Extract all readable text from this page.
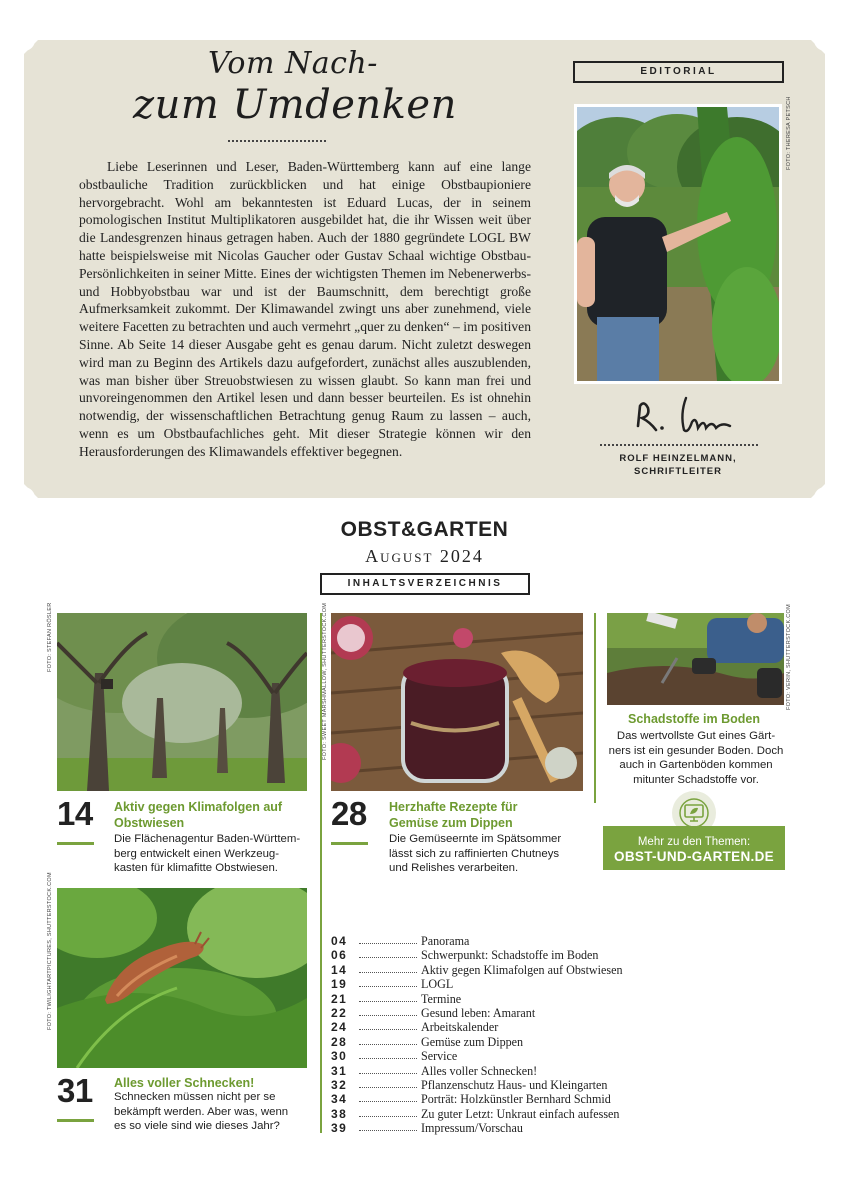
Vom Nach-
zum Umdenken
Liebe Leserinnen und Leser, Baden-Württemberg kann auf eine lange obstbauliche Tradition zurückblicken und hat einige Obstbaupioniere hervorgebracht. Wohl am bekanntesten ist Eduard Lucas, der in seinem pomologischen Institut Multiplikatoren ausgebildet hat, die ihr Wissen weit über die Landesgrenzen hinaus getragen haben. Auch der 1880 gegründete LOGL BW hatte beispielsweise mit Nicolas Gaucher oder Gustav Schaal wichtige Obstbau-Persönlichkeiten in seiner Mitte. Eines der wichtigsten Themen im Nebenerwerbs- und Hobbyobstbau war und ist der Baumschnitt, dem berechtigt große Aufmerksamkeit zukommt. Der Klimawandel zwingt uns aber zunehmend, viele weitere Facetten zu betrachten und auch vermehrt „quer zu denken“ – im positiven Sinne. Ab Seite 14 dieser Ausgabe geht es genau darum. Nicht zuletzt deswegen wird man zu Beginn des Artikels dazu aufgefordert, zunächst alles auszublenden, was man bisher über Streuobstwiesen zu wissen glaubt. So kann man frei und unvoreingenommen den Artikel lesen und dann besser beurteilen. Es ist ohnehin notwendig, der wissenschaftlichen Betrachtung genug Raum zu lassen – auch, wenn es um Obstbaufachliches geht. Mit dieser Strategie können wir den Herausforderungen des Klimawandels effektiver begegnen.
EDITORIAL
FOTO: THERESA PETSCH
ROLF HEINZELMANN,
SCHRIFTLEITER
OBST&GARTEN
August 2024
INHALTSVERZEICHNIS
FOTO: STEFAN RÖSLER
14 Aktiv gegen Klimafolgen auf
Obstwiesen
Die Flächenagentur Baden-Württem-
berg entwickelt einen Werkzeug-
kasten für klimafitte Obstwiesen.
FOTO: SWEET MARSHMALLOW, SHUTTERSTOCK.COM
28 Herzhafte Rezepte für
Gemüse zum Dippen
Die Gemüseernte im Spätsommer
lässt sich zu raffinierten Chutneys
und Relishes verarbeiten.
FOTO: VERIN, SHUTTERSTOCK.COM
Schadstoffe im Boden
Das wertvollste Gut eines Gärt-
ners ist ein gesunder Boden. Doch
auch in Gartenböden kommen
mitunter Schadstoffe vor.
Mehr zu den Themen:
OBST-UND-GARTEN.DE
FOTO: TWILIGHTARTPICTURES, SHUTTERSTOCK.COM
31 Alles voller Schnecken!
Schnecken müssen nicht per se
bekämpft werden. Aber was, wenn
es so viele sind wie dieses Jahr?
04	Panorama
06	Schwerpunkt: Schadstoffe im Boden
14	Aktiv gegen Klimafolgen auf Obstwiesen
19	LOGL
21	Termine
22	Gesund leben: Amarant
24	Arbeitskalender
28	Gemüse zum Dippen
30	Service
31	Alles voller Schnecken!
32	Pflanzenschutz Haus- und Kleingarten
34	Porträt: Holzkünstler Bernhard Schmid
38	Zu guter Letzt: Unkraut einfach aufessen
39	Impressum/Vorschau
